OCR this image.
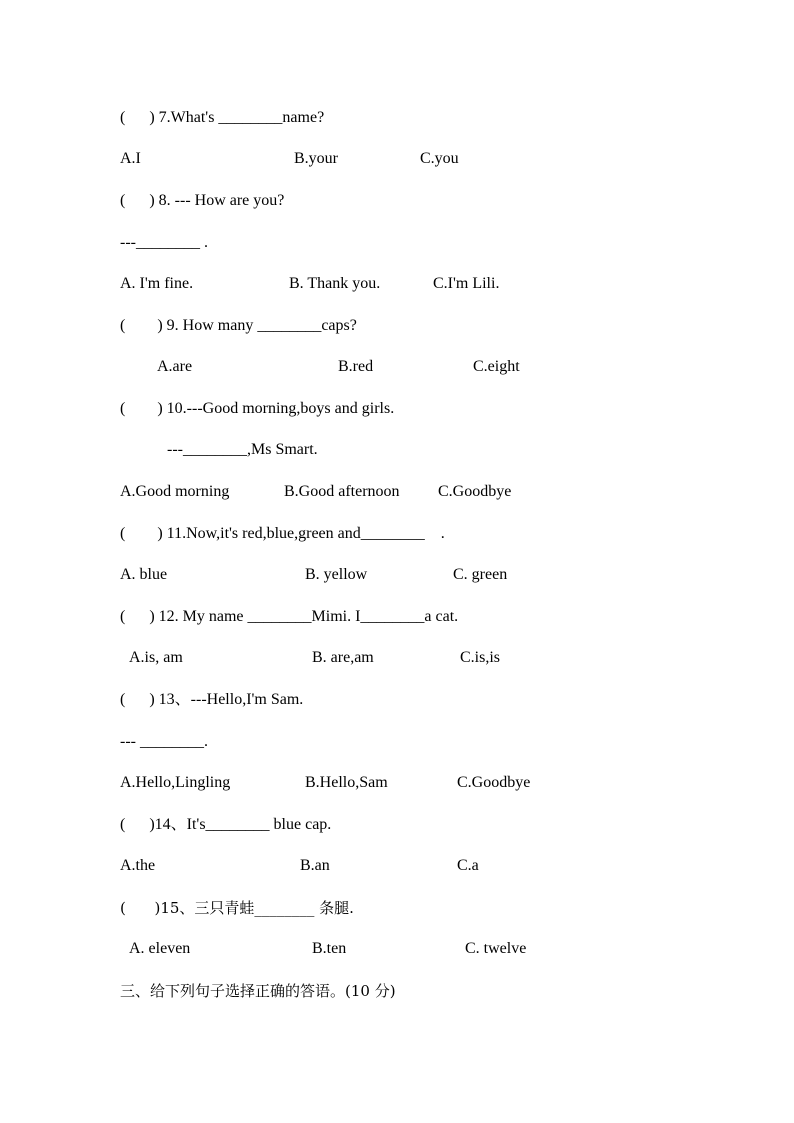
(      ) 7.What's ________name?
A.I	B.your	C.you
(      ) 8. --- How are you?
---________ .
A. I'm fine.	B. Thank you.	C.I'm Lili.
(        ) 9. How many ________caps?
A.are	B.red	C.eight
(        ) 10.---Good morning,boys and girls.
---________,Ms Smart.
A.Good morning	B.Good afternoon C.Goodbye
(        ) 11.Now,it's red,blue,green and________    .
A. blue	B. yellow	C. green
(      ) 12. My name ________Mimi. I________a cat.
A.is, am	B. are,am	C.is,is
(      ) 13、---Hello,I'm Sam.
--- ________.
A.Hello,Lingling	B.Hello,Sam	C.Goodbye
(      )14、It's________ blue cap.
A.the	B.an	C.a
(      )15、三只青蛙________ 条腿.
A. eleven	B.ten	C. twelve
三、给下列句子选择正确的答语。(10 分)
